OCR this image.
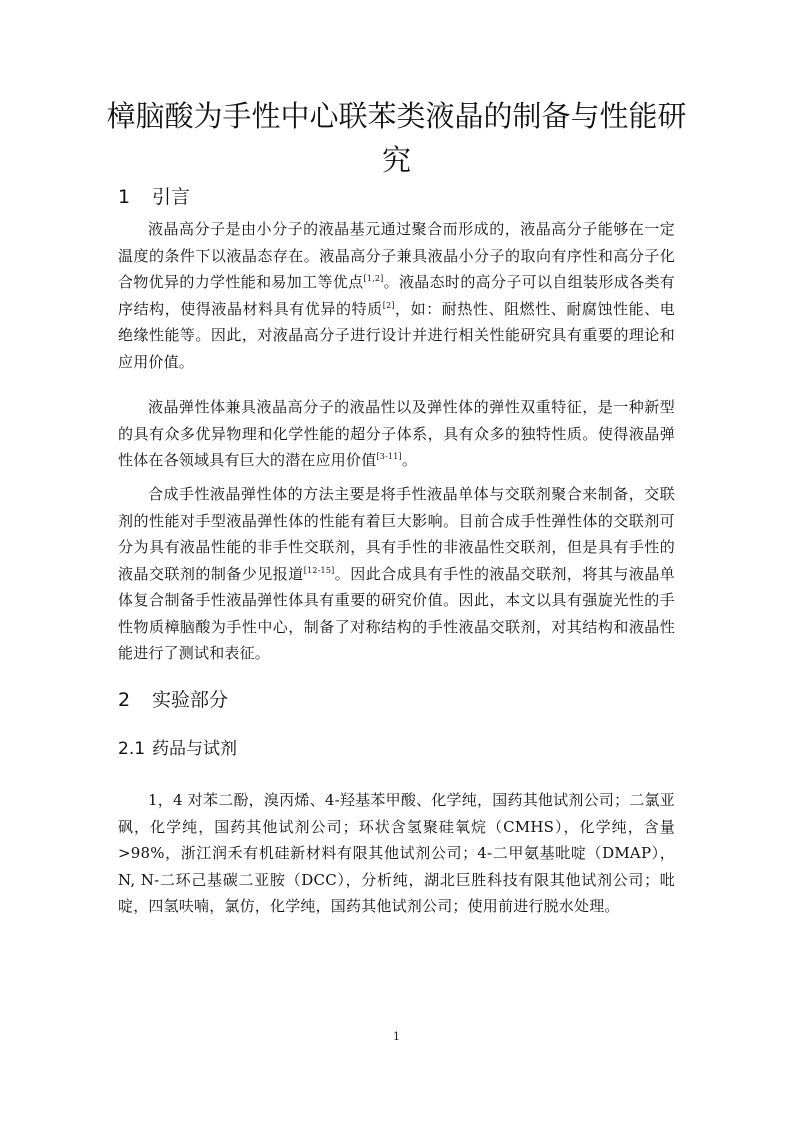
樟脑酸为手性中心联苯类液晶的制备与性能研究
1 引言

液晶高分子是由小分子的液晶基元通过聚合而形成的，液晶高分子能够在一定温度的条件下以液晶态存在。液晶高分子兼具液晶小分子的取向有序性和高分子化合物优异的力学性能和易加工等优点[1,2]。液晶态时的高分子可以自组装形成各类有序结构，使得液晶材料具有优异的特质[2]，如：耐热性、阻燃性、耐腐蚀性能、电绝缘性能等。因此，对液晶高分子进行设计并进行相关性能研究具有重要的理论和应用价值。

液晶弹性体兼具液晶高分子的液晶性以及弹性体的弹性双重特征，是一种新型的具有众多优异物理和化学性能的超分子体系，具有众多的独特性质。使得液晶弹性体在各领域具有巨大的潜在应用价值[3-11]。

合成手性液晶弹性体的方法主要是将手性液晶单体与交联剂聚合来制备，交联剂的性能对手型液晶弹性体的性能有着巨大影响。目前合成手性弹性体的交联剂可分为具有液晶性能的非手性交联剂，具有手性的非液晶性交联剂，但是具有手性的液晶交联剂的制备少见报道[12-15]。因此合成具有手性的液晶交联剂，将其与液晶单体复合制备手性液晶弹性体具有重要的研究价值。因此，本文以具有强旋光性的手性物质樟脑酸为手性中心，制备了对称结构的手性液晶交联剂，对其结构和液晶性能进行了测试和表征。

2 实验部分
2.1 药品与试剂

1，4 对苯二酚，溴丙烯、4-羟基苯甲酸、化学纯，国药其他试剂公司；二氯亚砜，化学纯，国药其他试剂公司；环状含氢聚硅氧烷（CMHS），化学纯，含量>98%，浙江润禾有机硅新材料有限其他试剂公司；4-二甲氨基吡啶（DMAP），N, N-二环己基碳二亚胺（DCC），分析纯，湖北巨胜科技有限其他试剂公司；吡啶，四氢呋喃，氯仿，化学纯，国药其他试剂公司；使用前进行脱水处理。

1
